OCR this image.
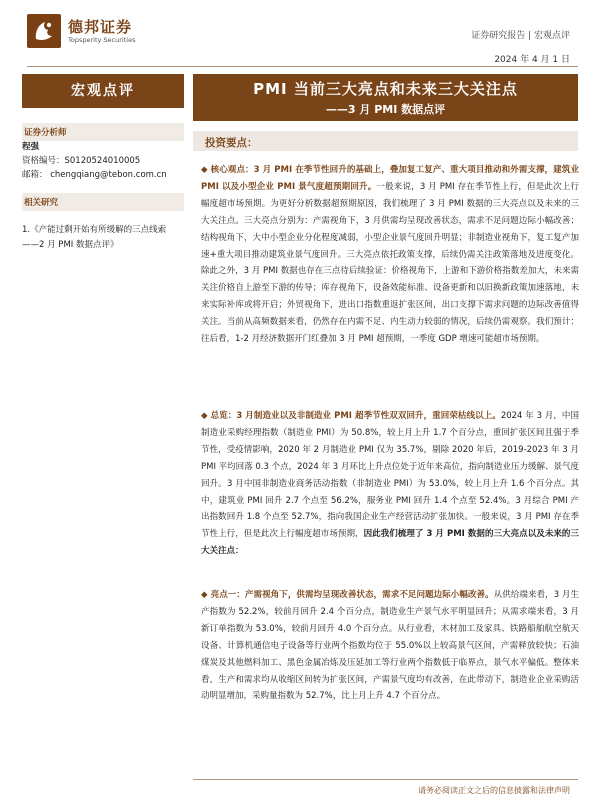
德邦证券
Topsperity Securities	证券研究报告 | 宏观点评
2024 年 4 月 1 日
宏观点评
证券分析师
程强
资格编号：S0120524010005
邮箱： chengqiang@tebon.com.cn
相关研究
1.《产能过剩开始有所缓解的三点线索
——2 月 PMI 数据点评》
PMI 当前三大亮点和未来三大关注点
——3 月 PMI 数据点评
投资要点：
◆ 核心观点：3 月 PMI 在季节性回升的基础上，叠加复工复产、重大项目推动和外需支撑，建筑业 PMI 以及小型企业 PMI 景气度超预期回升。一般来说，3 月 PMI 存在季节性上行，但是此次上行幅度超市场预期。为更好分析数据超预期原因，我们梳理了 3 月 PMI 数据的三大亮点以及未来的三大关注点。三大亮点分别为：产需视角下，3 月供需均呈现改善状态，需求不足问题边际小幅改善；结构视角下，大中小型企业分化程度减弱，小型企业景气度回升明显；非制造业视角下，复工复产加速+重大项目推动建筑业景气度回升。三大亮点依托政策支撑，后续仍需关注政策落地及进度变化。除此之外，3 月 PMI 数据也存在三点待后续验证：价格视角下，上游和下游价格指数差加大，未来需关注价格自上游至下游的传导；库存视角下，设备效能标准、设备更新和以旧换新政策加速落地，未来实际补库或将开启；外贸视角下，进出口指数重返扩张区间，出口支撑下需求问题的边际改善值得关注。当前从高频数据来看，仍然存在内需不足、内生动力较弱的情况，后续仍需观察。我们预计：往后看，1-2 月经济数据开门红叠加 3 月 PMI 超预期，一季度 GDP 增速可能超市场预期。
◆ 总览：3 月制造业以及非制造业 PMI 超季节性双双回升，重回荣枯线以上。2024 年 3 月，中国制造业采购经理指数（制造业 PMI）为 50.8%，较上月上升 1.7 个百分点，重回扩张区间且强于季节性，受疫情影响，2020 年 2 月制造业 PMI 仅为 35.7%，剔除 2020 年后，2019-2023 年 3 月 PMI 平均回落 0.3 个点，2024 年 3 月环比上升点位处于近年来高位，指向制造业压力缓解、景气度回升。3 月中国非制造业商务活动指数（非制造业 PMI）为 53.0%，较上月上升 1.6 个百分点。其中，建筑业 PMI 回升 2.7 个点至 56.2%，服务业 PMI 回升 1.4 个点至 52.4%。3 月综合 PMI 产出指数回升 1.8 个点至 52.7%，指向我国企业生产经营活动扩张加快。一般来说，3 月 PMI 存在季节性上行，但是此次上行幅度超市场预期，因此我们梳理了 3 月 PMI 数据的三大亮点以及未来的三大关注点：
◆ 亮点一：产需视角下，供需均呈现改善状态，需求不足问题边际小幅改善。从供给端来看，3 月生产指数为 52.2%，较前月回升 2.4 个百分点，制造业生产景气水平明显回升；从需求端来看，3 月新订单指数为 53.0%，较前月回升 4.0 个百分点。从行业看，木材加工及家具、铁路船舶航空航天设备、计算机通信电子设备等行业两个指数均位于 55.0%以上较高景气区间，产需释放较快；石油煤炭及其他燃料加工、黑色金属冶炼及压延加工等行业两个指数低于临界点，景气水平偏低。整体来看，生产和需求均从收缩区间转为扩张区间，产需景气度均有改善，在此带动下，制造业企业采购活动明显增加，采购量指数为 52.7%，比上月上升 4.7 个百分点。
请务必阅读正文之后的信息披露和法律声明
